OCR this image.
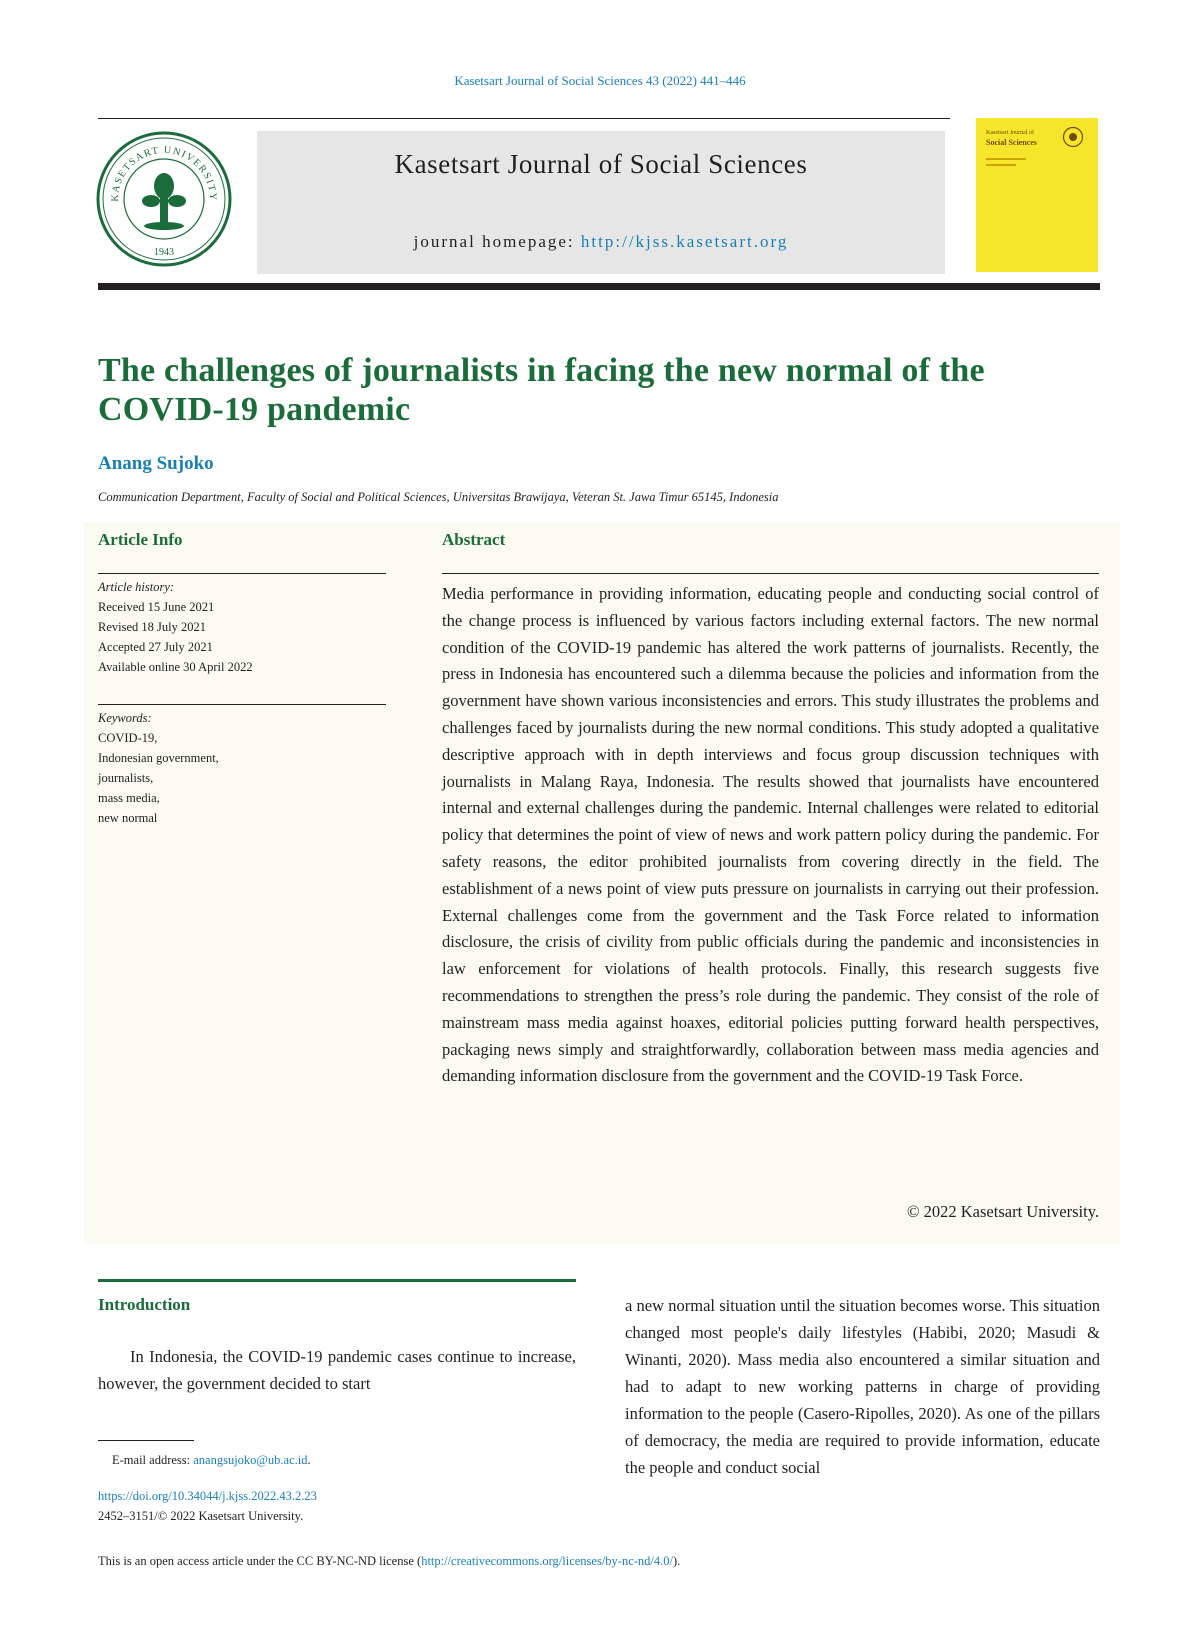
Kasetsart Journal of Social Sciences 43 (2022) 441–446
KASETSART UNIVERSITY
1943
Kasetsart Journal of Social Sciences
journal homepage: http://kjss.kasetsart.org
Kasetsart Journal of
Social Sciences
The challenges of journalists in facing the new normal of the COVID-19 pandemic
Anang Sujoko
Communication Department, Faculty of Social and Political Sciences, Universitas Brawijaya, Veteran St. Jawa Timur 65145, Indonesia
Article Info
Article history:
Received 15 June 2021
Revised 18 July 2021
Accepted 27 July 2021
Available online 30 April 2022
Keywords:
COVID-19,
Indonesian government,
journalists,
mass media,
new normal
Abstract
Media performance in providing information, educating people and conducting social control of the change process is influenced by various factors including external factors. The new normal condition of the COVID-19 pandemic has altered the work patterns of journalists. Recently, the press in Indonesia has encountered such a dilemma because the policies and information from the government have shown various inconsistencies and errors. This study illustrates the problems and challenges faced by journalists during the new normal conditions. This study adopted a qualitative descriptive approach with in depth interviews and focus group discussion techniques with journalists in Malang Raya, Indonesia. The results showed that journalists have encountered internal and external challenges during the pandemic. Internal challenges were related to editorial policy that determines the point of view of news and work pattern policy during the pandemic. For safety reasons, the editor prohibited journalists from covering directly in the field. The establishment of a news point of view puts pressure on journalists in carrying out their profession. External challenges come from the government and the Task Force related to information disclosure, the crisis of civility from public officials during the pandemic and inconsistencies in law enforcement for violations of health protocols. Finally, this research suggests five recommendations to strengthen the press’s role during the pandemic. They consist of the role of mainstream mass media against hoaxes, editorial policies putting forward health perspectives, packaging news simply and straightforwardly, collaboration between mass media agencies and demanding information disclosure from the government and the COVID-19 Task Force.
© 2022 Kasetsart University.
Introduction
In Indonesia, the COVID-19 pandemic cases continue to increase, however, the government decided to start
a new normal situation until the situation becomes worse. This situation changed most people's daily lifestyles (Habibi, 2020; Masudi & Winanti, 2020). Mass media also encountered a similar situation and had to adapt to new working patterns in charge of providing information to the people (Casero-Ripolles, 2020). As one of the pillars of democracy, the media are required to provide information, educate the people and conduct social
E-mail address: anangsujoko@ub.ac.id.
https://doi.org/10.34044/j.kjss.2022.43.2.23
2452–3151/© 2022 Kasetsart University.
This is an open access article under the CC BY-NC-ND license (http://creativecommons.org/licenses/by-nc-nd/4.0/).
